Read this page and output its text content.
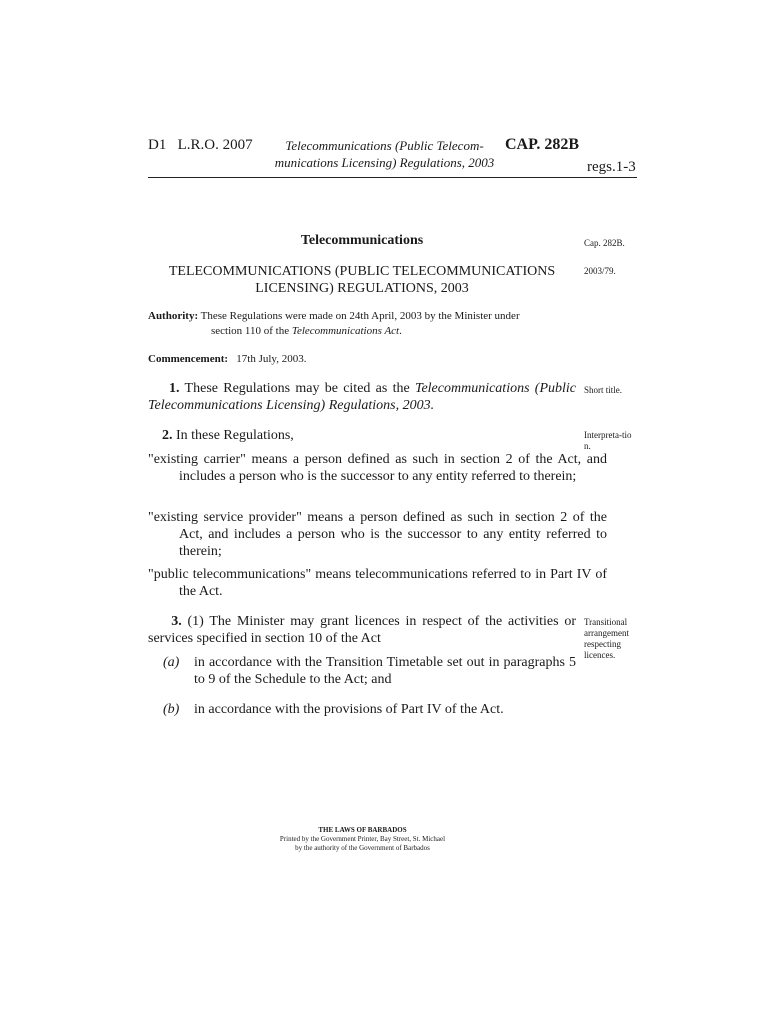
D1   L.R.O. 2007	Telecommunications (Public Telecom-
munications Licensing) Regulations, 2003
CAP. 282B
regs.1-3
Telecommunications
TELECOMMUNICATIONS (PUBLIC TELECOMMUNICATIONS
LICENSING) REGULATIONS, 2003
Authority: These Regulations were made on 24th April, 2003 by the Minister under
section 110 of the Telecommunications Act.
Commencement: 17th July, 2003.
1. These Regulations may be cited as the Telecommunications (Public Telecommunications Licensing) Regulations, 2003.
2. In these Regulations,
"existing carrier" means a person defined as such in section 2 of the Act, and includes a person who is the successor to any entity referred to therein;
"existing service provider" means a person defined as such in section 2 of the Act, and includes a person who is the successor to any entity referred to therein;
"public telecommunications" means telecommunications referred to in Part IV of the Act.
3. (1) The Minister may grant licences in respect of the activities or services specified in section 10 of the Act
(a)	in accordance with the Transition Timetable set out in paragraphs 5 to 9 of the Schedule to the Act; and
(b)	in accordance with the provisions of Part IV of the Act.
Cap. 282B.
2003/79.
Short title.
Interpreta-tion.
Transitional arrangement respecting licences.
THE LAWS OF BARBADOS
Printed by the Government Printer, Bay Street, St. Michael
by the authority of the Government of Barbados
